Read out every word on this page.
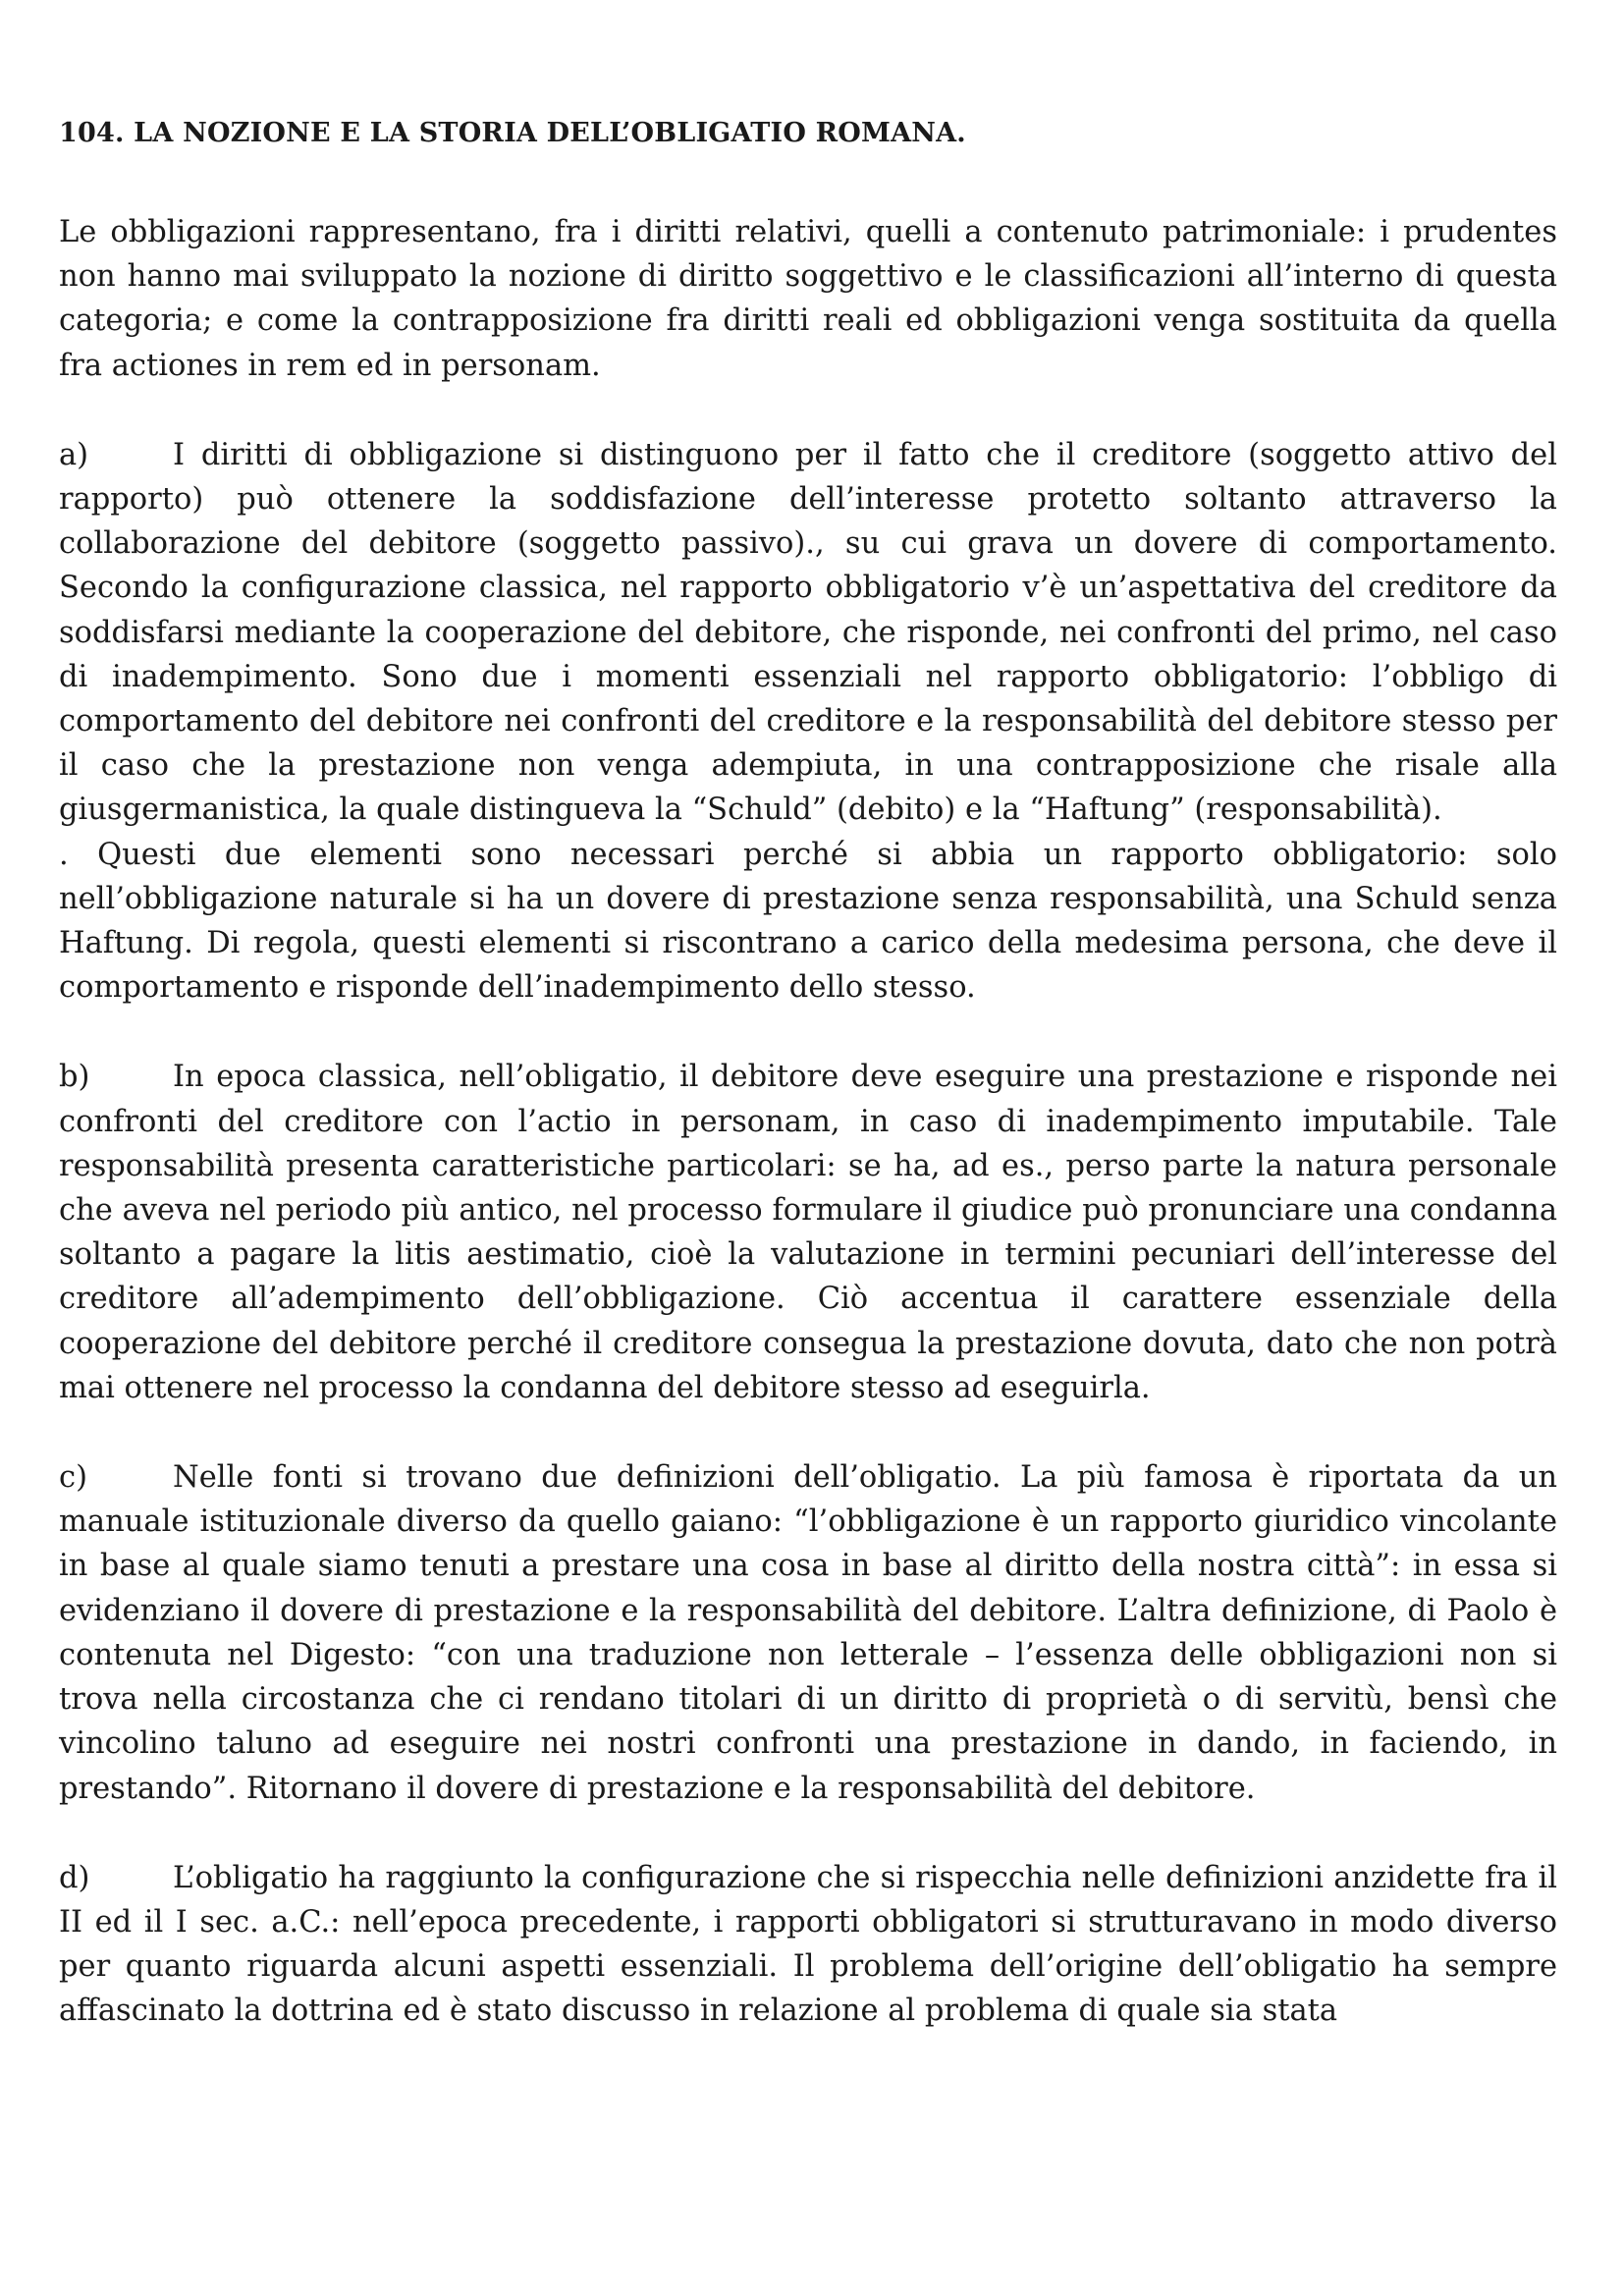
104. LA NOZIONE E LA STORIA DELL’OBLIGATIO ROMANA.

Le obbligazioni rappresentano, fra i diritti relativi, quelli a contenuto patrimoniale: i prudentes non hanno mai sviluppato la nozione di diritto soggettivo e le classificazioni all’interno di questa categoria; e come la contrapposizione fra diritti reali ed obbligazioni venga sostituita da quella fra actiones in rem ed in personam.

a)	I diritti di obbligazione si distinguono per il fatto che il creditore (soggetto attivo del rapporto) può ottenere la soddisfazione dell’interesse protetto soltanto attraverso la collaborazione del debitore (soggetto passivo)., su cui grava un dovere di comportamento. Secondo la configurazione classica, nel rapporto obbligatorio v’è un’aspettativa del creditore da soddisfarsi mediante la cooperazione del debitore, che risponde, nei confronti del primo, nel caso di inadempimento. Sono due i momenti essenziali nel rapporto obbligatorio: l’obbligo di comportamento del debitore nei confronti del creditore e la responsabilità del debitore stesso per il caso che la prestazione non venga adempiuta, in una contrapposizione che risale alla giusgermanistica, la quale distingueva la “Schuld” (debito) e la “Haftung” (responsabilità).

. Questi due elementi sono necessari perché si abbia un rapporto obbligatorio: solo nell’obbligazione naturale si ha un dovere di prestazione senza responsabilità, una Schuld senza Haftung. Di regola, questi elementi si riscontrano a carico della medesima persona, che deve il comportamento e risponde dell’inadempimento dello stesso.

b)	In epoca classica, nell’obligatio, il debitore deve eseguire una prestazione e risponde nei confronti del creditore con l’actio in personam, in caso di inadempimento imputabile. Tale responsabilità presenta caratteristiche particolari: se ha, ad es., perso parte la natura personale che aveva nel periodo più antico, nel processo formulare il giudice può pronunciare una condanna soltanto a pagare la litis aestimatio, cioè la valutazione in termini pecuniari dell’interesse del creditore all’adempimento dell’obbligazione. Ciò accentua il carattere essenziale della cooperazione del debitore perché il creditore consegua la prestazione dovuta, dato che non potrà mai ottenere nel processo la condanna del debitore stesso ad eseguirla.

c)	Nelle fonti si trovano due definizioni dell’obligatio. La più famosa è riportata da un manuale istituzionale diverso da quello gaiano: “l’obbligazione è un rapporto giuridico vincolante in base al quale siamo tenuti a prestare una cosa in base al diritto della nostra città”: in essa si evidenziano il dovere di prestazione e la responsabilità del debitore. L’altra definizione, di Paolo è contenuta nel Digesto: “con una traduzione non letterale – l’essenza delle obbligazioni non si trova nella circostanza che ci rendano titolari di un diritto di proprietà o di servitù, bensì che vincolino taluno ad eseguire nei nostri confronti una prestazione in dando, in faciendo, in prestando”. Ritornano il dovere di prestazione e la responsabilità del debitore.

d)	L’obligatio ha raggiunto la configurazione che si rispecchia nelle definizioni anzidette fra il II ed il I sec. a.C.: nell’epoca precedente, i rapporti obbligatori si strutturavano in modo diverso per quanto riguarda alcuni aspetti essenziali. Il problema dell’origine dell’obligatio ha sempre affascinato la dottrina ed è stato discusso in relazione al problema di quale sia stata
